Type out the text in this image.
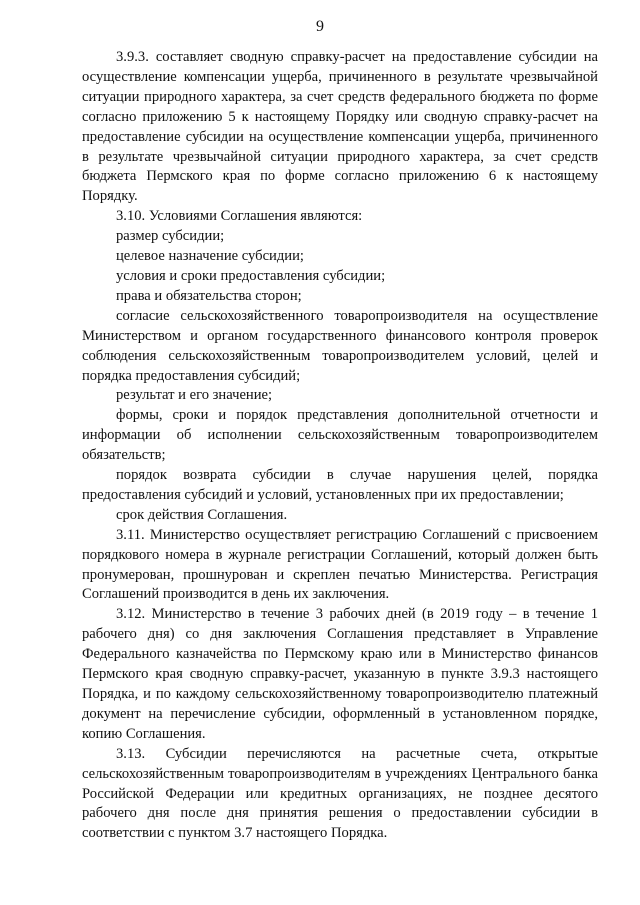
9

3.9.3. составляет сводную справку-расчет на предоставление субсидии на осуществление компенсации ущерба, причиненного в результате чрезвычайной ситуации природного характера, за счет средств федерального бюджета по форме согласно приложению 5 к настоящему Порядку или сводную справку-расчет на предоставление субсидии на осуществление компенсации ущерба, причиненного в результате чрезвычайной ситуации природного характера, за счет средств бюджета Пермского края по форме согласно приложению 6 к настоящему Порядку.

3.10. Условиями Соглашения являются:

размер субсидии;

целевое назначение субсидии;

условия и сроки предоставления субсидии;

права и обязательства сторон;

согласие сельскохозяйственного товаропроизводителя на осуществление Министерством и органом государственного финансового контроля проверок соблюдения сельскохозяйственным товаропроизводителем условий, целей и порядка предоставления субсидий;

результат и его значение;

формы, сроки и порядок представления дополнительной отчетности и информации об исполнении сельскохозяйственным товаропроизводителем обязательств;

порядок возврата субсидии в случае нарушения целей, порядка предоставления субсидий и условий, установленных при их предоставлении;

срок действия Соглашения.

3.11. Министерство осуществляет регистрацию Соглашений с присвоением порядкового номера в журнале регистрации Соглашений, который должен быть пронумерован, прошнурован и скреплен печатью Министерства. Регистрация Соглашений производится в день их заключения.

3.12. Министерство в течение 3 рабочих дней (в 2019 году – в течение 1 рабочего дня) со дня заключения Соглашения представляет в Управление Федерального казначейства по Пермскому краю или в Министерство финансов Пермского края сводную справку-расчет, указанную в пункте 3.9.3 настоящего Порядка, и по каждому сельскохозяйственному товаропроизводителю платежный документ на перечисление субсидии, оформленный в установленном порядке, копию Соглашения.

3.13. Субсидии перечисляются на расчетные счета, открытые сельскохозяйственным товаропроизводителям в учреждениях Центрального банка Российской Федерации или кредитных организациях, не позднее десятого рабочего дня после дня принятия решения о предоставлении субсидии в соответствии с пунктом 3.7 настоящего Порядка.
